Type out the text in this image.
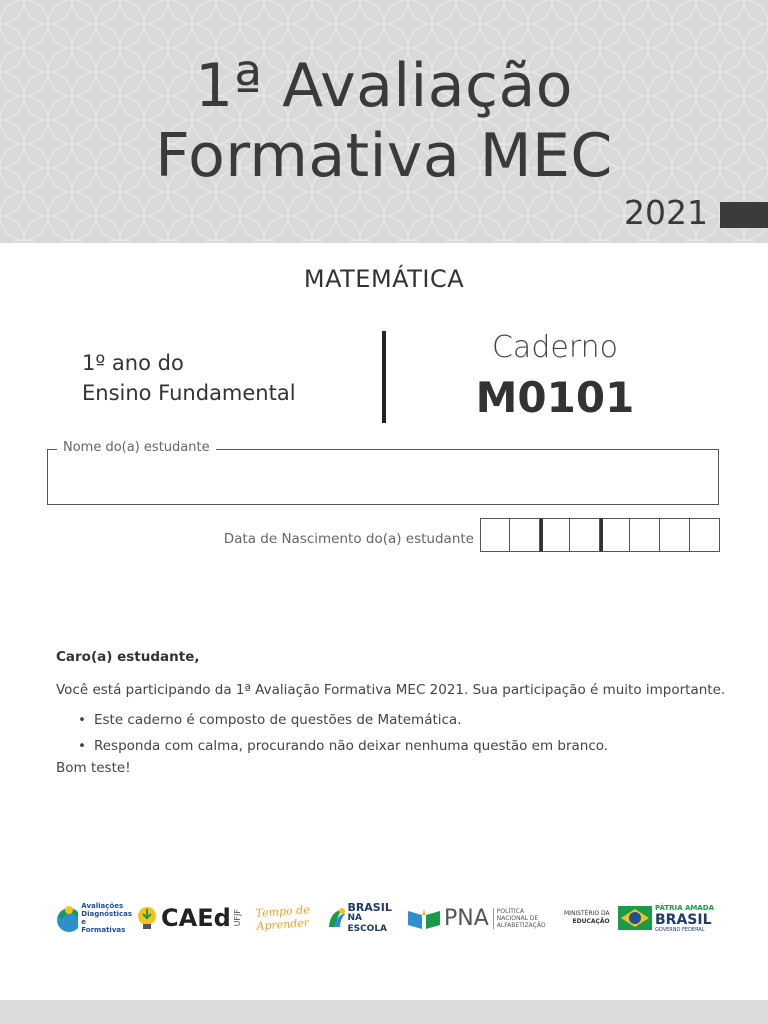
1ª Avaliação
Formativa MEC
2021
MATEMÁTICA
1º ano do
Ensino Fundamental
Caderno
M0101
Nome do(a) estudante
Data de Nascimento do(a) estudante
Caro(a) estudante,
Você está participando da 1ª Avaliação Formativa MEC 2021. Sua participação é muito importante.
• Este caderno é composto de questões de Matemática.
• Responda com calma, procurando não deixar nenhuma questão em branco.
Bom teste!
Avaliações
Diagnósticas e
Formativas CAEd UFJF Tempo de
Aprender
BRASIL
NA ESCOLA	PNA POLÍTICA
NACIONAL DE
ALFABETIZAÇÃO
MINISTÉRIO DA
EDUCAÇÃO
PÁTRIA AMADA
BRASIL
GOVERNO FEDERAL
